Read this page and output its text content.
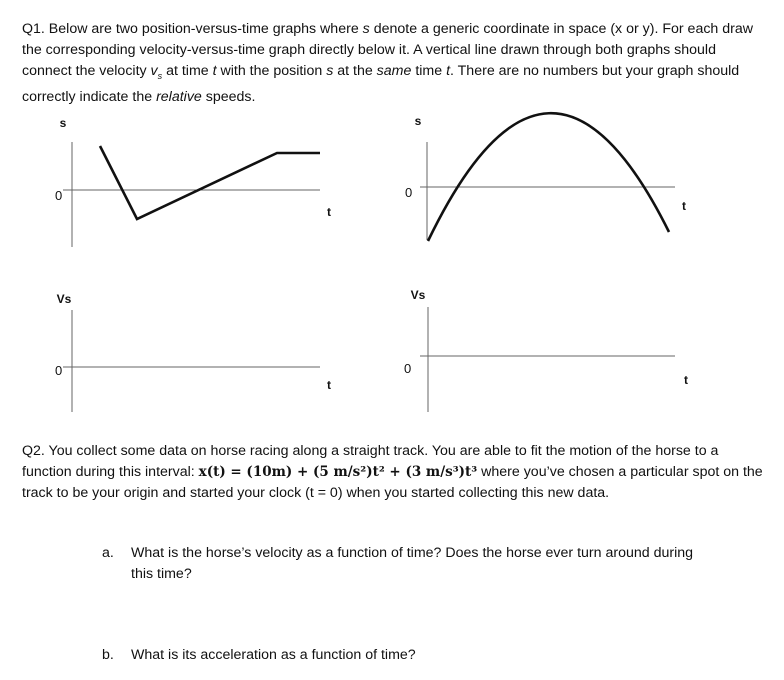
Q1. Below are two position-versus-time graphs where s denote a generic coordinate in space (x or y). For each draw the corresponding velocity-versus-time graph directly below it. A vertical line drawn through both graphs should connect the velocity $v_s$ at time t with the position s at the same time t. There are no numbers but your graph should correctly indicate the relative speeds.
s
0
t
s
0
t
Vs
0
t
Vs
0
t
Q2. You collect some data on horse racing along a straight track. You are able to fit the motion of the horse to a function during this interval: x(t) = (10m) + (5 m/s²)t² + (3 m/s³)t³ where you’ve chosen a particular spot on the track to be your origin and started your clock (t = 0) when you started collecting this new data.
a. What is the horse’s velocity as a function of time? Does the horse ever turn around during this time?
b. What is its acceleration as a function of time?
